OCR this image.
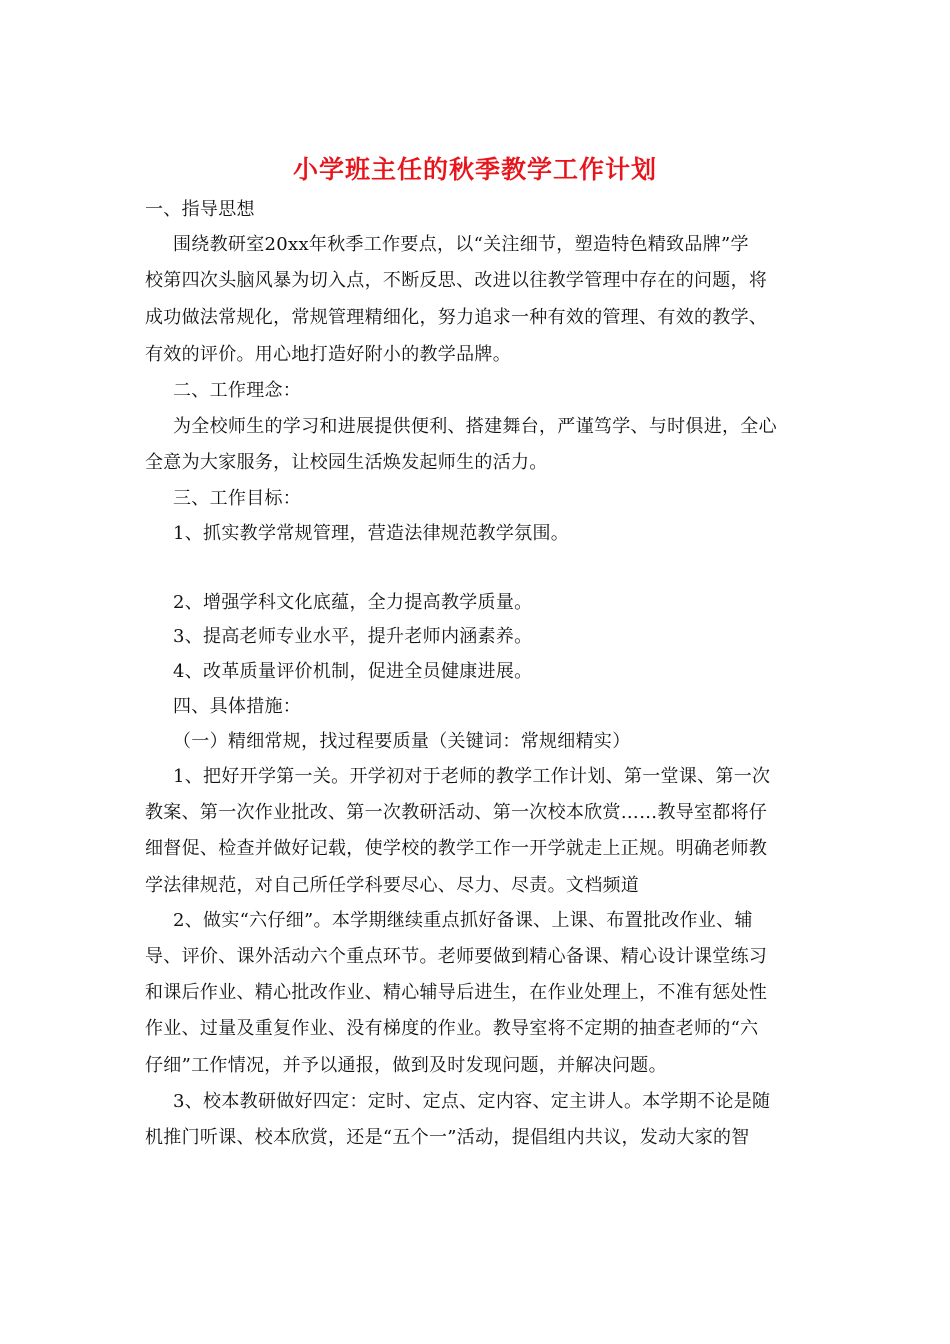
小学班主任的秋季教学工作计划
一、指导思想
围绕教研室20xx年秋季工作要点，以“关注细节，塑造特色精致品牌”学
校第四次头脑风暴为切入点，不断反思、改进以往教学管理中存在的问题，将
成功做法常规化，常规管理精细化，努力追求一种有效的管理、有效的教学、
有效的评价。用心地打造好附小的教学品牌。
二、工作理念：
为全校师生的学习和进展提供便利、搭建舞台，严谨笃学、与时俱进，全心
全意为大家服务，让校园生活焕发起师生的活力。
三、工作目标：
1、抓实教学常规管理，营造法律规范教学氛围。
2、增强学科文化底蕴，全力提高教学质量。
3、提高老师专业水平，提升老师内涵素养。
4、改革质量评价机制，促进全员健康进展。
四、具体措施：
（一）精细常规，找过程要质量（关键词：常规细精实）
1、把好开学第一关。开学初对于老师的教学工作计划、第一堂课、第一次
教案、第一次作业批改、第一次教研活动、第一次校本欣赏……教导室都将仔
细督促、检查并做好记载，使学校的教学工作一开学就走上正规。明确老师教
学法律规范，对自己所任学科要尽心、尽力、尽责。文档频道
2、做实“六仔细”。本学期继续重点抓好备课、上课、布置批改作业、辅
导、评价、课外活动六个重点环节。老师要做到精心备课、精心设计课堂练习
和课后作业、精心批改作业、精心辅导后进生，在作业处理上，不准有惩处性
作业、过量及重复作业、没有梯度的作业。教导室将不定期的抽查老师的“六
仔细”工作情况，并予以通报，做到及时发现问题，并解决问题。
3、校本教研做好四定：定时、定点、定内容、定主讲人。本学期不论是随
机推门听课、校本欣赏，还是“五个一”活动，提倡组内共议，发动大家的智
